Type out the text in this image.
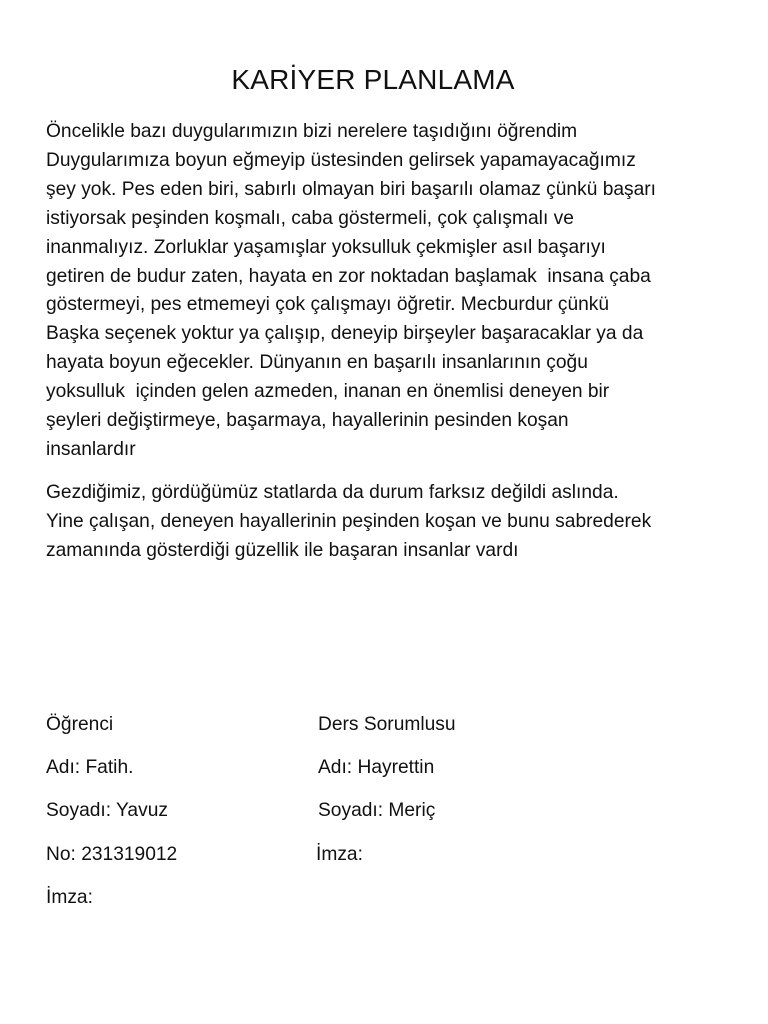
KARİYER PLANLAMA
Öncelikle bazı duygularımızın bizi nerelere taşıdığını öğrendim
Duygularımıza boyun eğmeyip üstesinden gelirsek yapamayacağımız
şey yok. Pes eden biri, sabırlı olmayan biri başarılı olamaz çünkü başarı
istiyorsak peşinden koşmalı, caba göstermeli, çok çalışmalı ve
inanmalıyız. Zorluklar yaşamışlar yoksulluk çekmişler asıl başarıyı
getiren de budur zaten, hayata en zor noktadan başlamak  insana çaba
göstermeyi, pes etmemeyi çok çalışmayı öğretir. Mecburdur çünkü
Başka seçenek yoktur ya çalışıp, deneyip birşeyler başaracaklar ya da
hayata boyun eğecekler. Dünyanın en başarılı insanlarının çoğu
yoksulluk  içinden gelen azmeden, inanan en önemlisi deneyen bir
şeyleri değiştirmeye, başarmaya, hayallerinin pesinden koşan
insanlardır
Gezdiğimiz, gördüğümüz statlarda da durum farksız değildi aslında.
Yine çalışan, deneyen hayallerinin peşinden koşan ve bunu sabrederek
zamanında gösterdiği güzellik ile başaran insanlar vardı
Öğrenci
Adı: Fatih.
Soyadı: Yavuz
No: 231319012
İmza:
Ders Sorumlusu
Adı: Hayrettin
Soyadı: Meriç
İmza:
